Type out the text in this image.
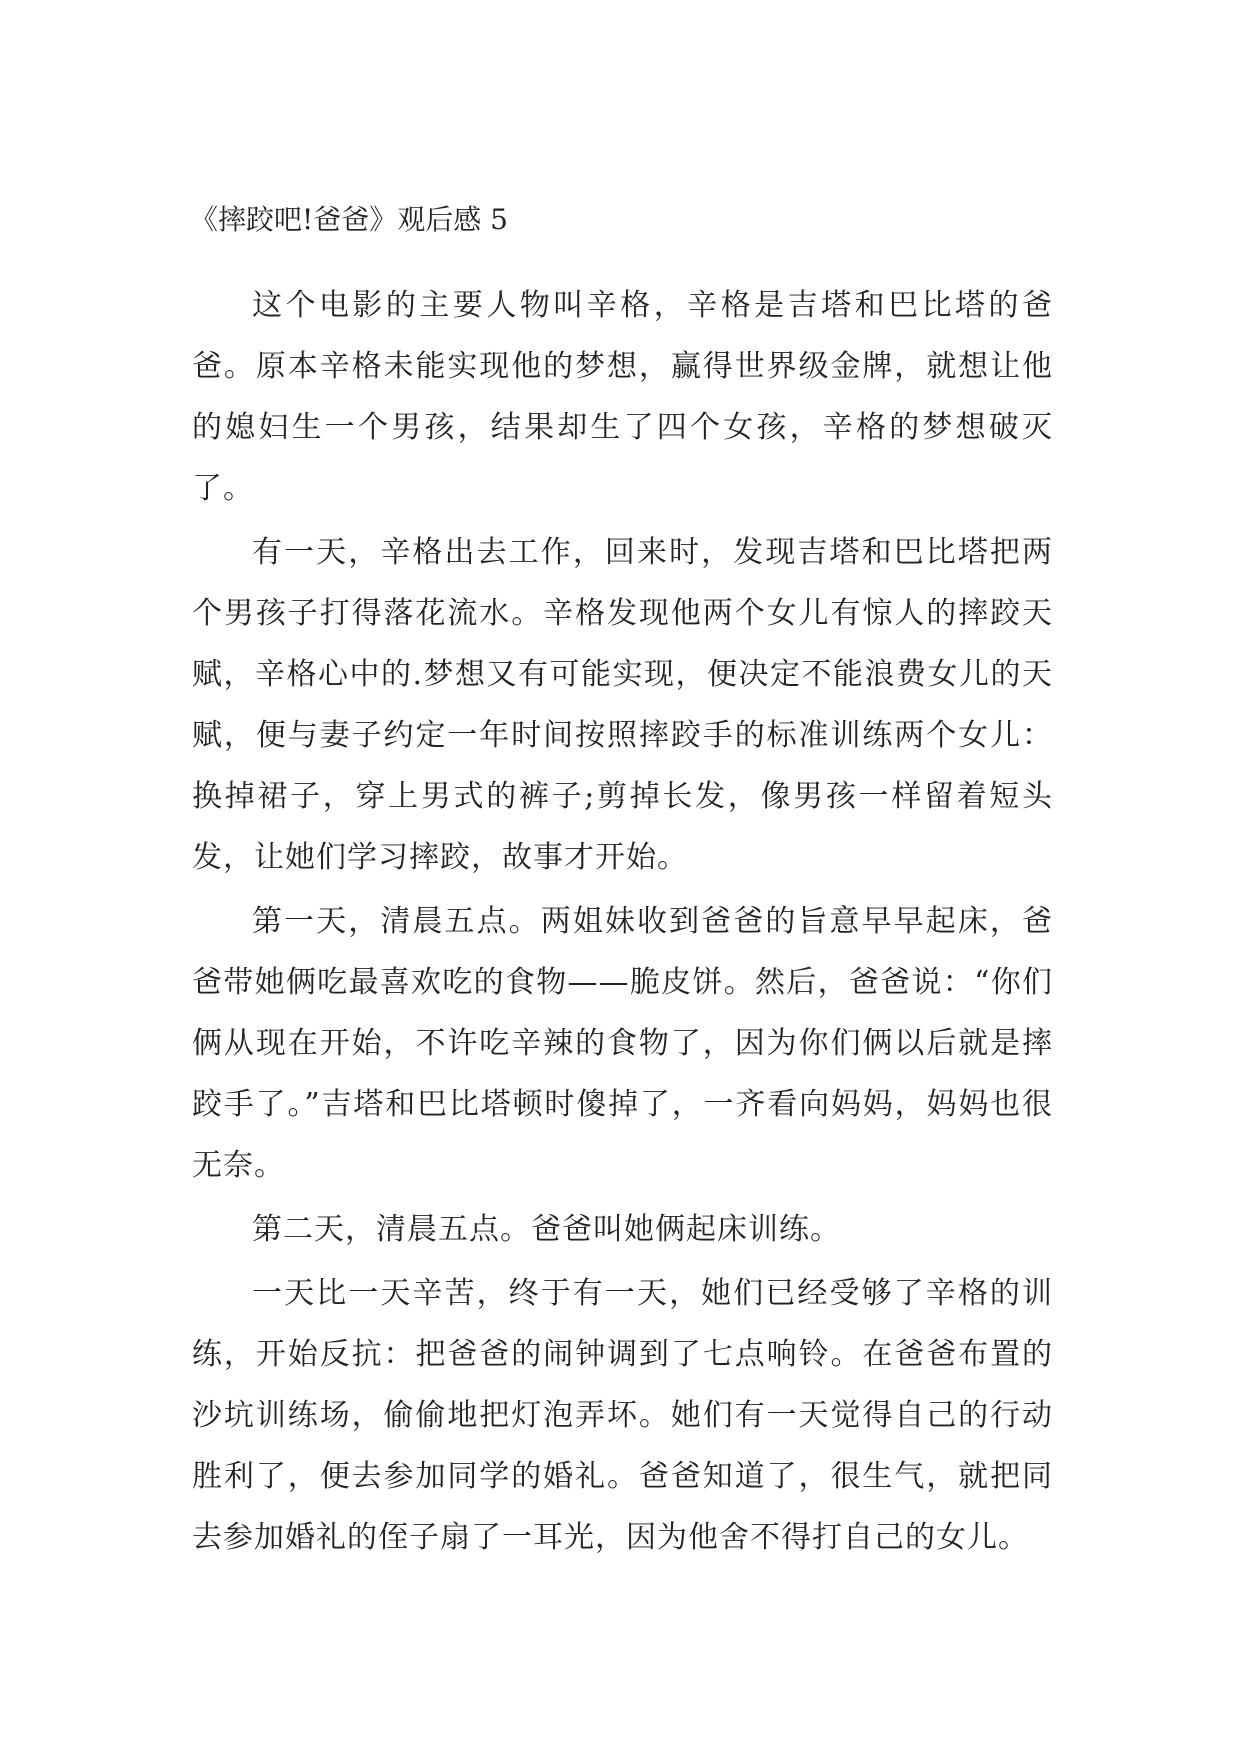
《摔跤吧!爸爸》观后感 5

这个电影的主要人物叫辛格，辛格是吉塔和巴比塔的爸爸。原本辛格未能实现他的梦想，赢得世界级金牌，就想让他的媳妇生一个男孩，结果却生了四个女孩，辛格的梦想破灭了。

有一天，辛格出去工作，回来时，发现吉塔和巴比塔把两个男孩子打得落花流水。辛格发现他两个女儿有惊人的摔跤天赋，辛格心中的.梦想又有可能实现，便决定不能浪费女儿的天赋，便与妻子约定一年时间按照摔跤手的标准训练两个女儿：换掉裙子，穿上男式的裤子;剪掉长发，像男孩一样留着短头发，让她们学习摔跤，故事才开始。

第一天，清晨五点。两姐妹收到爸爸的旨意早早起床，爸爸带她俩吃最喜欢吃的食物——脆皮饼。然后，爸爸说：“你们俩从现在开始，不许吃辛辣的食物了，因为你们俩以后就是摔跤手了。”吉塔和巴比塔顿时傻掉了，一齐看向妈妈，妈妈也很无奈。

第二天，清晨五点。爸爸叫她俩起床训练。

一天比一天辛苦，终于有一天，她们已经受够了辛格的训练，开始反抗：把爸爸的闹钟调到了七点响铃。在爸爸布置的沙坑训练场，偷偷地把灯泡弄坏。她们有一天觉得自己的行动胜利了，便去参加同学的婚礼。爸爸知道了，很生气，就把同去参加婚礼的侄子扇了一耳光，因为他舍不得打自己的女儿。
